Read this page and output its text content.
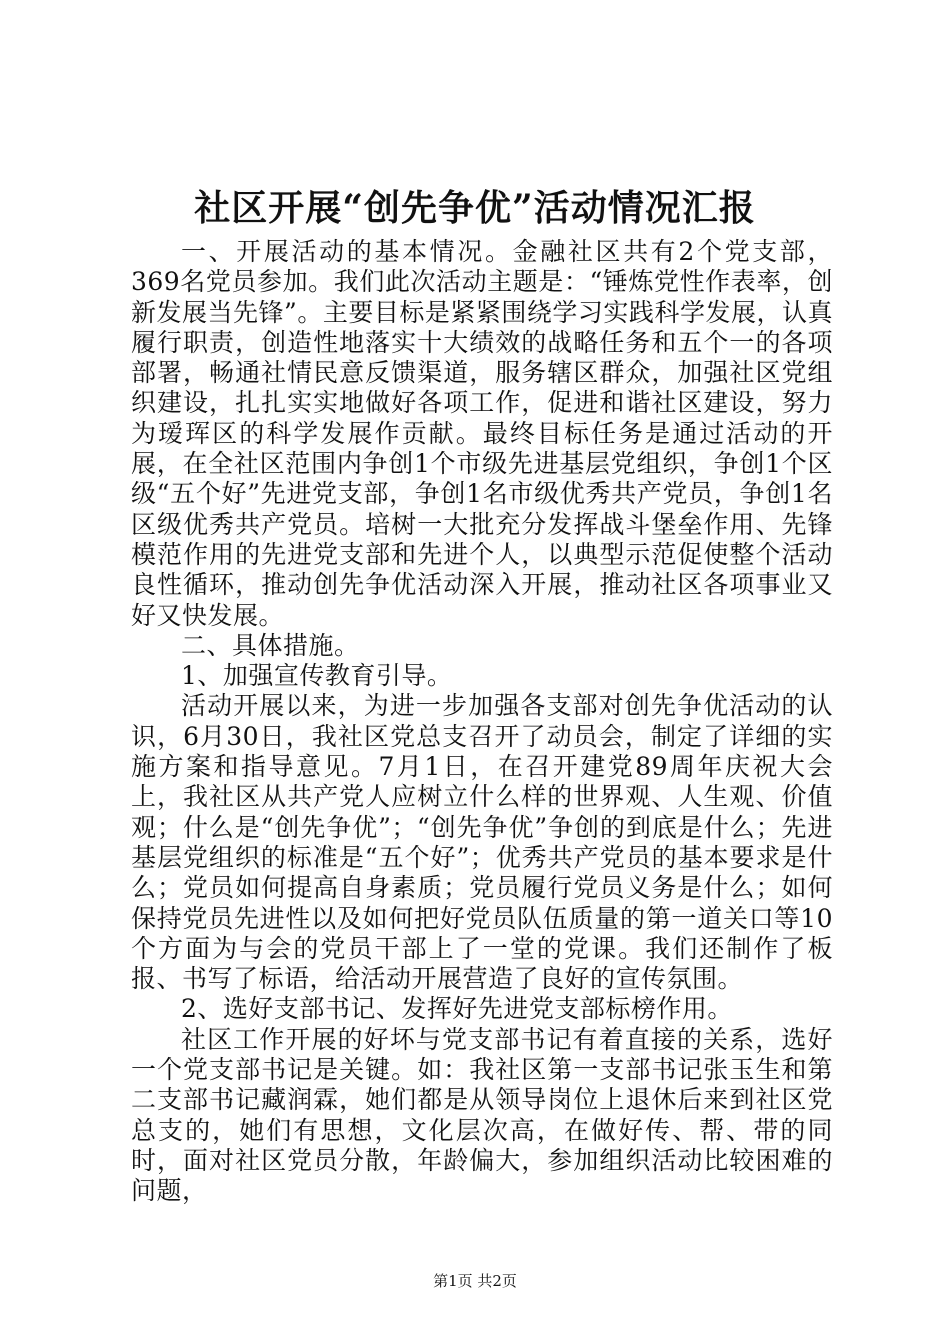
社区开展“创先争优”活动情况汇报

一、开展活动的基本情况。金融社区共有2个党支部，369名党员参加。我们此次活动主题是：“锤炼党性作表率，创新发展当先锋”。主要目标是紧紧围绕学习实践科学发展，认真履行职责，创造性地落实十大绩效的战略任务和五个一的各项部署，畅通社情民意反馈渠道，服务辖区群众，加强社区党组织建设，扎扎实实地做好各项工作，促进和谐社区建设，努力为瑷珲区的科学发展作贡献。最终目标任务是通过活动的开展，在全社区范围内争创1个市级先进基层党组织，争创1个区级“五个好”先进党支部，争创1名市级优秀共产党员，争创1名区级优秀共产党员。培树一大批充分发挥战斗堡垒作用、先锋模范作用的先进党支部和先进个人，以典型示范促使整个活动良性循环，推动创先争优活动深入开展，推动社区各项事业又好又快发展。

二、具体措施。

1、加强宣传教育引导。

活动开展以来，为进一步加强各支部对创先争优活动的认识，6月30日，我社区党总支召开了动员会，制定了详细的实施方案和指导意见。7月1日，在召开建党89周年庆祝大会上，我社区从共产党人应树立什么样的世界观、人生观、价值观；什么是“创先争优”；“创先争优”争创的到底是什么；先进基层党组织的标准是“五个好”；优秀共产党员的基本要求是什么；党员如何提高自身素质；党员履行党员义务是什么；如何保持党员先进性以及如何把好党员队伍质量的第一道关口等10个方面为与会的党员干部上了一堂的党课。我们还制作了板报、书写了标语，给活动开展营造了良好的宣传氛围。

2、选好支部书记、发挥好先进党支部标榜作用。

社区工作开展的好坏与党支部书记有着直接的关系，选好一个党支部书记是关键。如：我社区第一支部书记张玉生和第二支部书记藏润霖，她们都是从领导岗位上退休后来到社区党总支的，她们有思想，文化层次高，在做好传、帮、带的同时，面对社区党员分散，年龄偏大，参加组织活动比较困难的问题，

第1页 共2页
